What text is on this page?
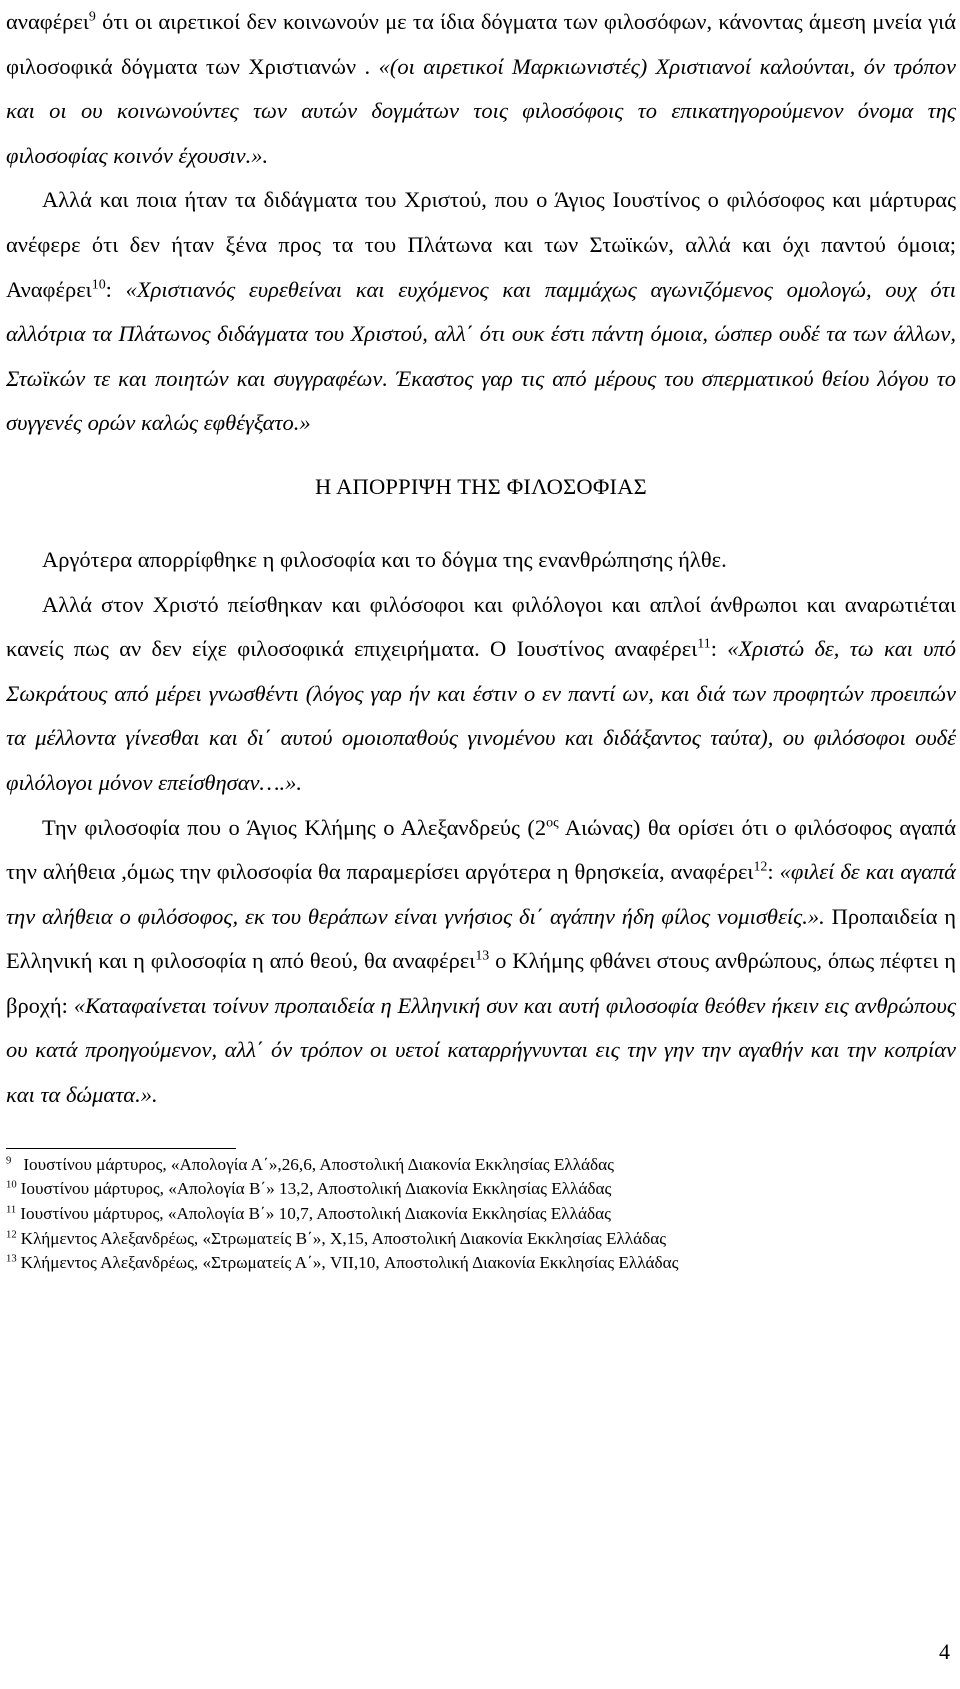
αναφέρει$^9$ ότι οι αιρετικοί δεν κοινωνούν με τα ίδια δόγματα των φιλοσόφων, κάνοντας άμεση μνεία γιά φιλοσοφικά δόγματα των Χριστιανών . «(οι αιρετικοί Μαρκιωνιστές) Χριστιανοί καλούνται, όν τρόπον και οι ου κοινωνούντες των αυτών δογμάτων τοις φιλοσόφοις το επικατηγορούμενον όνομα της φιλοσοφίας κοινόν έχουσιν.».

Αλλά και ποια ήταν τα διδάγματα του Χριστού, που ο Άγιος Ιουστίνος ο φιλόσοφος και μάρτυρας ανέφερε ότι δεν ήταν ξένα προς τα του Πλάτωνα και των Στωϊκών, αλλά και όχι παντού όμοια; Αναφέρει$^{10}$: «Χριστιανός ευρεθείναι και ευχόμενος και παμμάχως αγωνιζόμενος ομολογώ, ουχ ότι αλλότρια τα Πλάτωνος διδάγματα του Χριστού, αλλ΄ ότι ουκ έστι πάντη όμοια, ώσπερ ουδέ τα των άλλων, Στωϊκών τε και ποιητών και συγγραφέων. Έκαστος γαρ τις από μέρους του σπερματικού θείου λόγου το συγγενές ορών καλώς εφθέγξατο.»

Η ΑΠΟΡΡΙΨΗ ΤΗΣ ΦΙΛΟΣΟΦΙΑΣ

Αργότερα απορρίφθηκε η φιλοσοφία και το δόγμα της ενανθρώπησης ήλθε.

Αλλά στον Χριστό πείσθηκαν και φιλόσοφοι και φιλόλογοι και απλοί άνθρωποι και αναρωτιέται κανείς πως αν δεν είχε φιλοσοφικά επιχειρήματα. Ο Ιουστίνος αναφέρει$^{11}$: «Χριστώ δε, τω και υπό Σωκράτους από μέρει γνωσθέντι (λόγος γαρ ήν και έστιν ο εν παντί ων, και διά των προφητών προειπών τα μέλλοντα γίνεσθαι και δι΄ αυτού ομοιοπαθούς γινομένου και διδάξαντος ταύτα), ου φιλόσοφοι ουδέ φιλόλογοι μόνον επείσθησαν….».

Την φιλοσοφία που ο Άγιος Κλήμης ο Αλεξανδρεύς ($2^{o\varsigma}$ Αιώνας) θα ορίσει ότι ο φιλόσοφος αγαπά την αλήθεια ,όμως την φιλοσοφία θα παραμερίσει αργότερα η θρησκεία, αναφέρει$^{12}$: «φιλεί δε και αγαπά την αλήθεια ο φιλόσοφος, εκ του θεράπων είναι γνήσιος δι΄ αγάπην ήδη φίλος νομισθείς.». Προπαιδεία η Ελληνική και η φιλοσοφία η από θεού, θα αναφέρει$^{13}$ ο Κλήμης φθάνει στους ανθρώπους, όπως πέφτει η βροχή: «Καταφαίνεται τοίνυν προπαιδεία η Ελληνική συν και αυτή φιλοσοφία θεόθεν ήκειν εις ανθρώπους ου κατά προηγούμενον, αλλ΄ όν τρόπον οι υετοί καταρρήγνυνται εις την γην την αγαθήν και την κοπρίαν και τα δώματα.».

$^9$ Ιουστίνου μάρτυρος, «Απολογία Α΄»,26,6, Αποστολική Διακονία Εκκλησίας Ελλάδας

$^{10}$ Ιουστίνου μάρτυρος, «Απολογία Β΄» 13,2, Αποστολική Διακονία Εκκλησίας Ελλάδας

$^{11}$ Ιουστίνου μάρτυρος, «Απολογία Β΄» 10,7, Αποστολική Διακονία Εκκλησίας Ελλάδας

$^{12}$ Κλήμεντος Αλεξανδρέως, «Στρωματείς Β΄», Χ,15, Αποστολική Διακονία Εκκλησίας Ελλάδας

$^{13}$ Κλήμεντος Αλεξανδρέως, «Στρωματείς Α΄», VII,10, Αποστολική Διακονία Εκκλησίας Ελλάδας

4
